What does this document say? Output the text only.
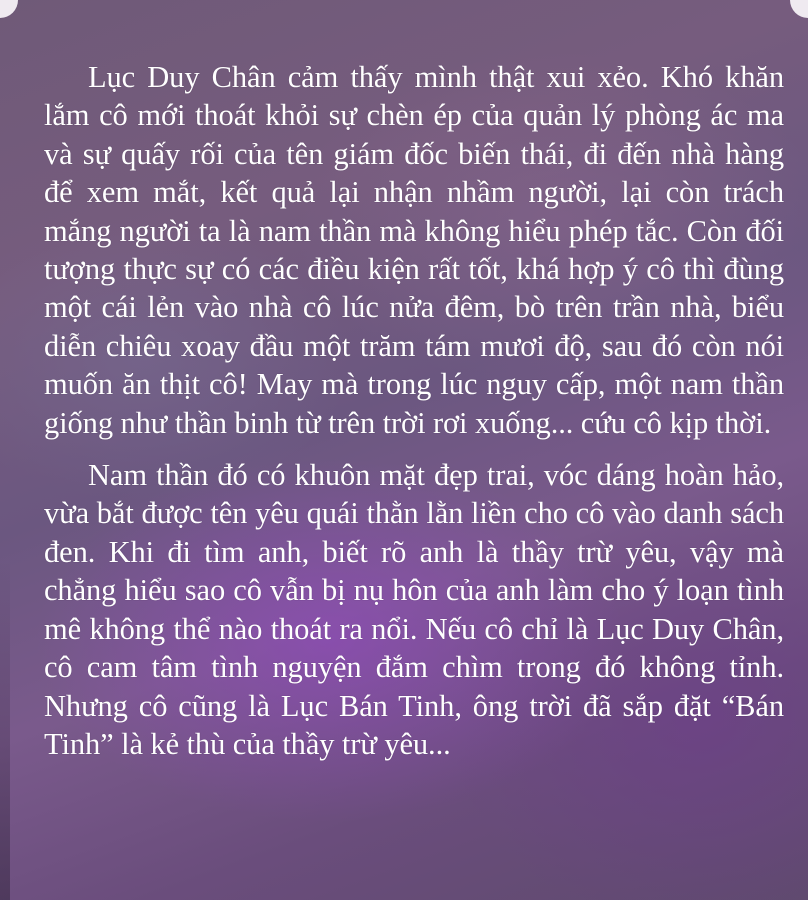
Lục Duy Chân cảm thấy mình thật xui xẻo. Khó khăn lắm cô mới thoát khỏi sự chèn ép của quản lý phòng ác ma và sự quấy rối của tên giám đốc biến thái, đi đến nhà hàng để xem mắt, kết quả lại nhận nhầm người, lại còn trách mắng người ta là nam thần mà không hiểu phép tắc. Còn đối tượng thực sự có các điều kiện rất tốt, khá hợp ý cô thì đùng một cái lẻn vào nhà cô lúc nửa đêm, bò trên trần nhà, biểu diễn chiêu xoay đầu một trăm tám mươi độ, sau đó còn nói muốn ăn thịt cô! May mà trong lúc nguy cấp, một nam thần giống như thần binh từ trên trời rơi xuống... cứu cô kịp thời.

Nam thần đó có khuôn mặt đẹp trai, vóc dáng hoàn hảo, vừa bắt được tên yêu quái thằn lằn liền cho cô vào danh sách đen. Khi đi tìm anh, biết rõ anh là thầy trừ yêu, vậy mà chẳng hiểu sao cô vẫn bị nụ hôn của anh làm cho ý loạn tình mê không thể nào thoát ra nổi. Nếu cô chỉ là Lục Duy Chân, cô cam tâm tình nguyện đắm chìm trong đó không tỉnh. Nhưng cô cũng là Lục Bán Tinh, ông trời đã sắp đặt “Bán Tinh” là kẻ thù của thầy trừ yêu...
